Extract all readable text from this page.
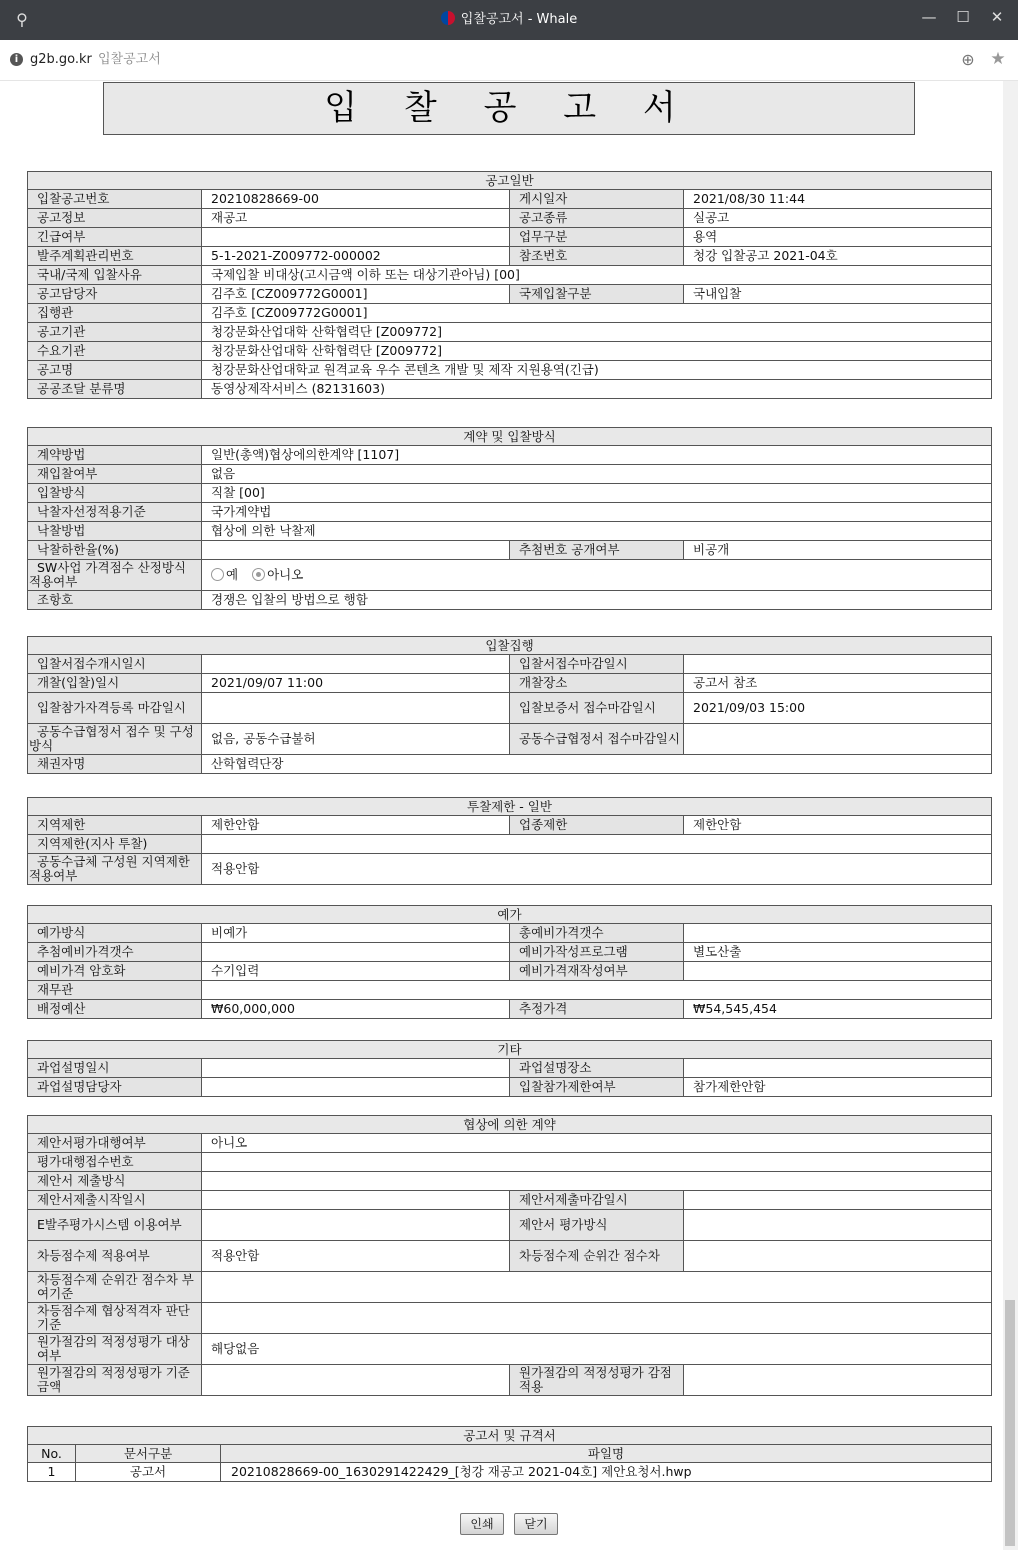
⚲	입찰공고서 - Whale	—	☐	✕
i g2b.go.kr 입찰공고서	⊕ ★
입 찰 공 고 서
공고일반			
입찰공고번호	20210828669-00	게시일자	2021/08/30 11:44
공고정보	재공고	공고종류	실공고
긴급여부		업무구분	용역
발주계획관리번호	5-1-2021-Z009772-000002	참조번호	청강 입찰공고 2021-04호
국내/국제 입찰사유	국제입찰 비대상(고시금액 이하 또는 대상기관아님) [00]		
공고담당자	김주호 [CZ009772G0001]	국제입찰구분	국내입찰
집행관	김주호 [CZ009772G0001]		
공고기관	청강문화산업대학 산학협력단 [Z009772]		
수요기관	청강문화산업대학 산학협력단 [Z009772]		
공고명	청강문화산업대학교 원격교육 우수 콘텐츠 개발 및 제작 지원용역(긴급)		
공공조달 분류명	동영상제작서비스 (82131603)		
계약 및 입찰방식			
계약방법	일반(총액)협상에의한계약 [1107]		
재입찰여부	없음		
입찰방식	직찰 [00]		
낙찰자선정적용기준	국가계약법		
낙찰방법	협상에 의한 낙찰제		
낙찰하한율(%)		추첨번호 공개여부	비공개
SW사업 가격점수 산정방식 적용여부	예 아니오		
조항호	경쟁은 입찰의 방법으로 행함		
입찰집행			
입찰서접수개시일시		입찰서접수마감일시	
개찰(입찰)일시	2021/09/07 11:00	개찰장소	공고서 참조
입찰참가자격등록 마감일시		입찰보증서 접수마감일시	2021/09/03 15:00
공동수급협정서 접수 및 구성방식	없음, 공동수급불허	공동수급협정서 접수마감일시	
채권자명	산학협력단장		
투찰제한 - 일반			
지역제한	제한안함	업종제한	제한안함
지역제한(지사 투찰)			
공동수급체 구성원 지역제한적용여부	적용안함		
예가			
예가방식	비예가	총예비가격갯수	
추첨예비가격갯수		예비가작성프로그램	별도산출
예비가격 암호화	수기입력	예비가격재작성여부	
재무관			
배정예산	₩60,000,000	추정가격	₩54,545,454
기타			
과업설명일시		과업설명장소	
과업설명담당자		입찰참가제한여부	참가제한안함
협상에 의한 계약			
제안서평가대행여부	아니오		
평가대행접수번호			
제안서 제출방식			
제안서제출시작일시		제안서제출마감일시	
E발주평가시스템 이용여부		제안서 평가방식	
차등점수제 적용여부	적용안함	차등점수제 순위간 점수차	
차등점수제 순위간 점수차 부여기준			
차등점수제 협상적격자 판단기준			
원가절감의 적정성평가 대상여부	해당없음		
원가절감의 적정성평가 기준금액		원가절감의 적정성평가 감점적용	
공고서 및 규격서		
No.	문서구분	파일명
1	공고서	20210828669-00_1630291422429_[청강 재공고 2021-04호] 제안요청서.hwp
인쇄	닫기
